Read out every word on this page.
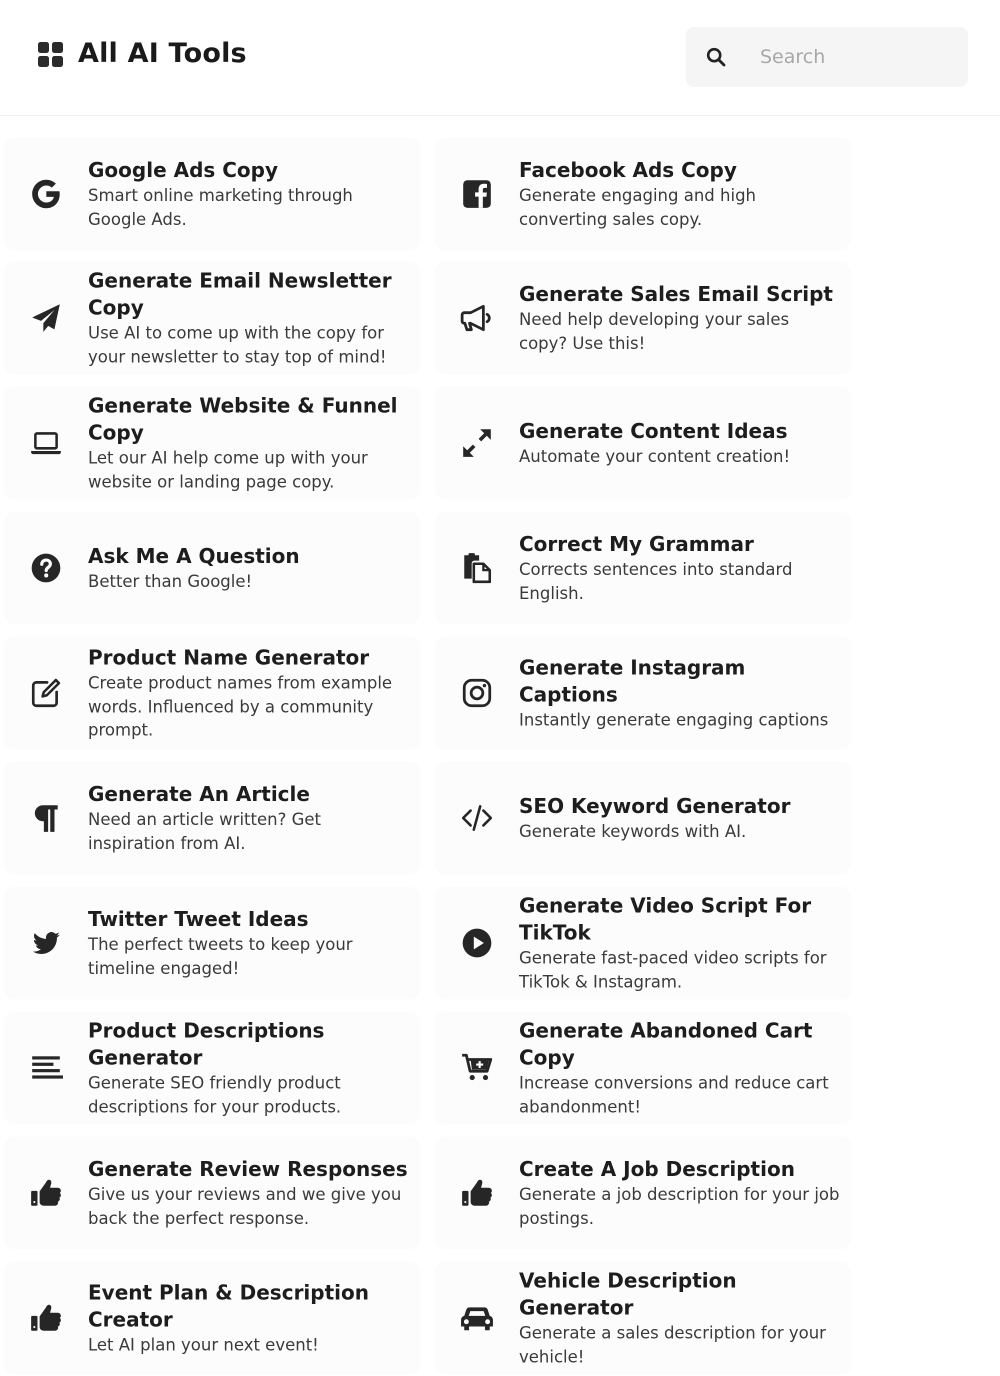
All AI Tools
Search
Google Ads Copy
Smart online marketing through Google Ads.
Facebook Ads Copy
Generate engaging and high converting sales copy.
Generate Email Newsletter Copy
Use AI to come up with the copy for your newsletter to stay top of mind!
Generate Sales Email Script
Need help developing your sales copy? Use this!
Generate Website & Funnel Copy
Let our AI help come up with your website or landing page copy.
Generate Content Ideas
Automate your content creation!
Ask Me A Question
Better than Google!
Correct My Grammar
Corrects sentences into standard English.
Product Name Generator
Create product names from example words. Influenced by a community prompt.
Generate Instagram Captions
Instantly generate engaging captions
Generate An Article
Need an article written? Get inspiration from AI.
SEO Keyword Generator
Generate keywords with AI.
Twitter Tweet Ideas
The perfect tweets to keep your timeline engaged!
Generate Video Script For TikTok
Generate fast-paced video scripts for TikTok & Instagram.
Product Descriptions Generator
Generate SEO friendly product descriptions for your products.
Generate Abandoned Cart Copy
Increase conversions and reduce cart abandonment!
Generate Review Responses
Give us your reviews and we give you back the perfect response.
Create A Job Description
Generate a job description for your job postings.
Event Plan & Description Creator
Let AI plan your next event!
Vehicle Description Generator
Generate a sales description for your vehicle!
